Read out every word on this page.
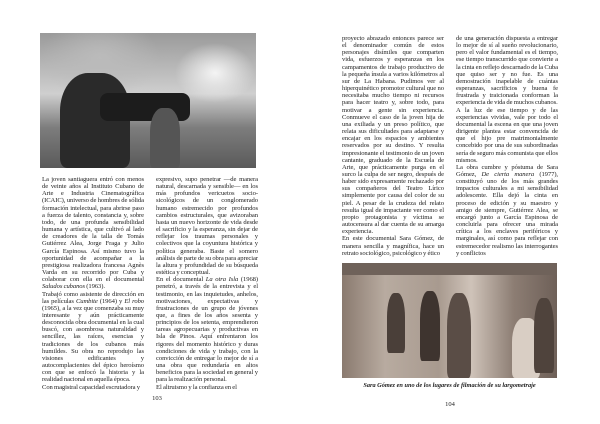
La joven santiaguera entró con menos de veinte años al Instituto Cubano de Arte e Industria Cinematográfica (ICAIC), universo de hombres de sólida formación intelectual, para abrirse paso a fuerza de talento, constancia y, sobre todo, de una profunda sensibilidad humana y artística, que cultivó al lado de creadores de la talla de Tomás Gutiérrez Alea, Jorge Fraga y Julio García Espinosa. Así mismo tuvo la oportunidad de acompañar a la prestigiosa realizadora francesa Agnès Varda en su recorrido por Cuba y colaborar con ella en el documental Saludos cubanos (1963).

Trabajó como asistente de dirección en las películas Cumbite (1964) y El robo (1965), a la vez que comenzaba su muy interesante y aún prácticamente desconocida obra documental en la cual buscó, con asombrosa naturalidad y sencillez, las raíces, esencias y tradiciones de los cubanos más humildes. Su obra no reprodujo las visiones edificantes y autocomplacientes del épico heroísmo con que se enfocó la historia y la realidad nacional en aquella época.

Con magistral capacidad escrutadora y

expresivo, supo penetrar —de manera natural, descarnada y sensible— en los más profundos vericuetos socio-sicológicos de un conglomerado humano estremecido por profundos cambios estructurales, que avizoraban hasta un nuevo horizonte de vida desde el sacrificio y la esperanza, sin dejar de reflejar los traumas personales y colectivos que la coyuntura histórica y política generaba. Baste el somero análisis de parte de su obra para apreciar la altura y profundidad de su búsqueda estética y conceptual.

En el documental La otra Isla (1968) penetró, a través de la entrevista y el testimonio, en las inquietudes, anhelos, motivaciones, expectativas y frustraciones de un grupo de jóvenes que, a fines de los años sesenta y principios de los setenta, emprendieron tareas agropecuarias y productivas en Isla de Pinos. Aquí enfrentaron los rigores del momento histórico y duras condiciones de vida y trabajo, con la convicción de entregar lo mejor de sí a una obra que redundaría en altos beneficios para la sociedad en general y para la realización personal.

El altruismo y la confianza en el

103

proyecto abrazado entonces parece ser el denominador común de estos personajes disímiles que comparten vida, esfuerzos y esperanzas en los campamentos de trabajo productivo de la pequeña ínsula a varios kilómetros al sur de La Habana. Pudimos ver al hiperquinético promotor cultural que no necesitaba mucho tiempo ni recursos para hacer teatro y, sobre todo, para motivar a gente sin experiencia. Conmueve el caso de la joven hija de una exiliada y un preso político, que relata sus dificultades para adaptarse y encajar en los espacios y ambientes reservados por su destino. Y resulta impresionante el testimonio de un joven cantante, graduado de la Escuela de Arte, que prácticamente purga en el surco la culpa de ser negro, después de haber sido expresamente rechazado por sus compañeros del Teatro Lírico simplemente por causa del color de su piel. A pesar de la crudeza del relato resulta igual de impactante ver como el propio protagonista y víctima se autocensura al dar cuenta de su amarga experiencia.

En este documental Sara Gómez, de manera sencilla y magnífica, hace un retrato sociológico, psicológico y ético

de una generación dispuesta a entregar lo mejor de sí al sueño revolucionario, pero el valor fundamental es el tiempo, ese tiempo transcurrido que convierte a la cinta en reflejo descarnado de la Cuba que quiso ser y no fue. Es una demostración inapelable de cuántas esperanzas, sacrificios y buena fe frustrada y traicionada conforman la experiencia de vida de muchos cubanos.

A la luz de ese tiempo y de las experiencias vividas, vale por todo el documental la escena en que una joven dirigente plantea estar convencida de que el hijo pre matrimonialmente concebido por una de sus subordinadas sería de seguro más comunista que ellos mismos.

La obra cumbre y póstuma de Sara Gómez, De cierta manera (1977), constituyó uno de los más grandes impactos culturales a mi sensibilidad adolescente. Ella dejó la cinta en proceso de edición y su maestro y amigo de siempre, Gutiérrez Alea, se encargó junto a García Espinosa de concluirla para ofrecer una mirada crítica a los enclaves periféricos y marginales, así como para reflejar con estremecedor realismo las interrogantes y conflictos

Sara Gómez en uno de los lugares de filmación de su largometraje
104
